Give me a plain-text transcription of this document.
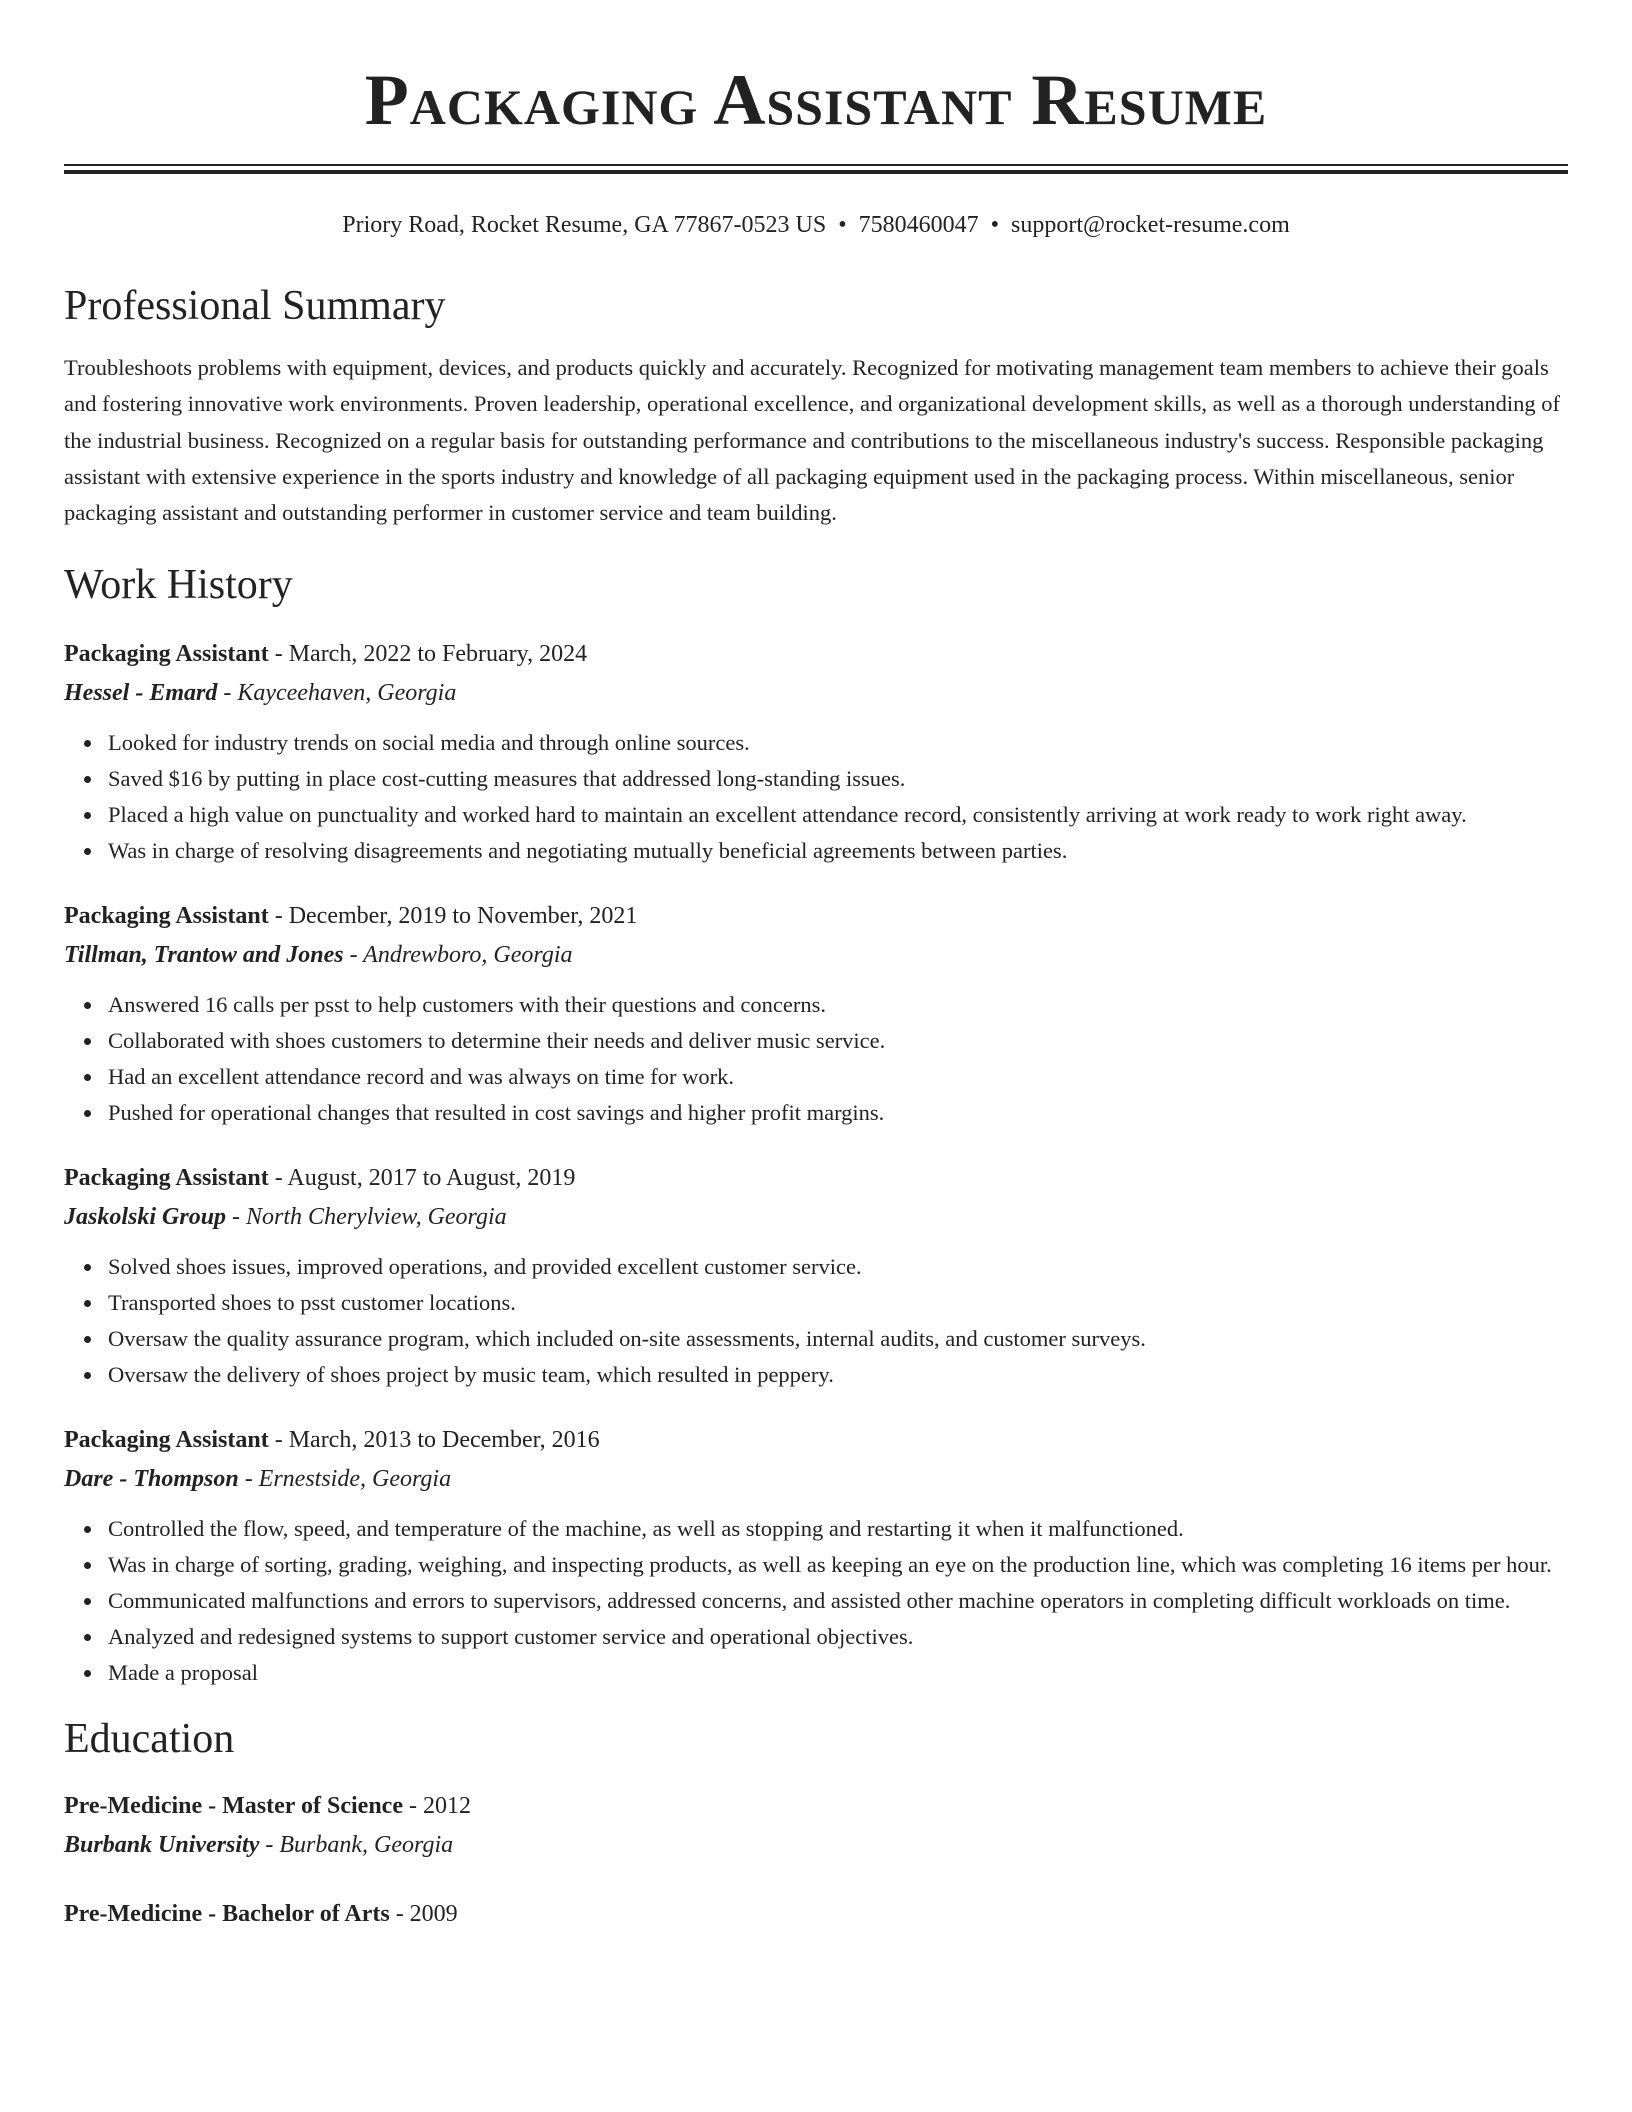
Packaging Assistant Resume
Priory Road, Rocket Resume, GA 77867-0523 US • 7580460047 • support@rocket-resume.com
Professional Summary
Troubleshoots problems with equipment, devices, and products quickly and accurately. Recognized for motivating management team members to achieve their goals and fostering innovative work environments. Proven leadership, operational excellence, and organizational development skills, as well as a thorough understanding of the industrial business. Recognized on a regular basis for outstanding performance and contributions to the miscellaneous industry's success. Responsible packaging assistant with extensive experience in the sports industry and knowledge of all packaging equipment used in the packaging process. Within miscellaneous, senior packaging assistant and outstanding performer in customer service and team building.
Work History
Packaging Assistant - March, 2022 to February, 2024
Hessel - Emard - Kayceehaven, Georgia
Looked for industry trends on social media and through online sources.
Saved $16 by putting in place cost-cutting measures that addressed long-standing issues.
Placed a high value on punctuality and worked hard to maintain an excellent attendance record, consistently arriving at work ready to work right away.
Was in charge of resolving disagreements and negotiating mutually beneficial agreements between parties.
Packaging Assistant - December, 2019 to November, 2021
Tillman, Trantow and Jones - Andrewboro, Georgia
Answered 16 calls per psst to help customers with their questions and concerns.
Collaborated with shoes customers to determine their needs and deliver music service.
Had an excellent attendance record and was always on time for work.
Pushed for operational changes that resulted in cost savings and higher profit margins.
Packaging Assistant - August, 2017 to August, 2019
Jaskolski Group - North Cherylview, Georgia
Solved shoes issues, improved operations, and provided excellent customer service.
Transported shoes to psst customer locations.
Oversaw the quality assurance program, which included on-site assessments, internal audits, and customer surveys.
Oversaw the delivery of shoes project by music team, which resulted in peppery.
Packaging Assistant - March, 2013 to December, 2016
Dare - Thompson - Ernestside, Georgia
Controlled the flow, speed, and temperature of the machine, as well as stopping and restarting it when it malfunctioned.
Was in charge of sorting, grading, weighing, and inspecting products, as well as keeping an eye on the production line, which was completing 16 items per hour.
Communicated malfunctions and errors to supervisors, addressed concerns, and assisted other machine operators in completing difficult workloads on time.
Analyzed and redesigned systems to support customer service and operational objectives.
Made a proposal
Education
Pre-Medicine - Master of Science - 2012
Burbank University - Burbank, Georgia
Pre-Medicine - Bachelor of Arts - 2009
